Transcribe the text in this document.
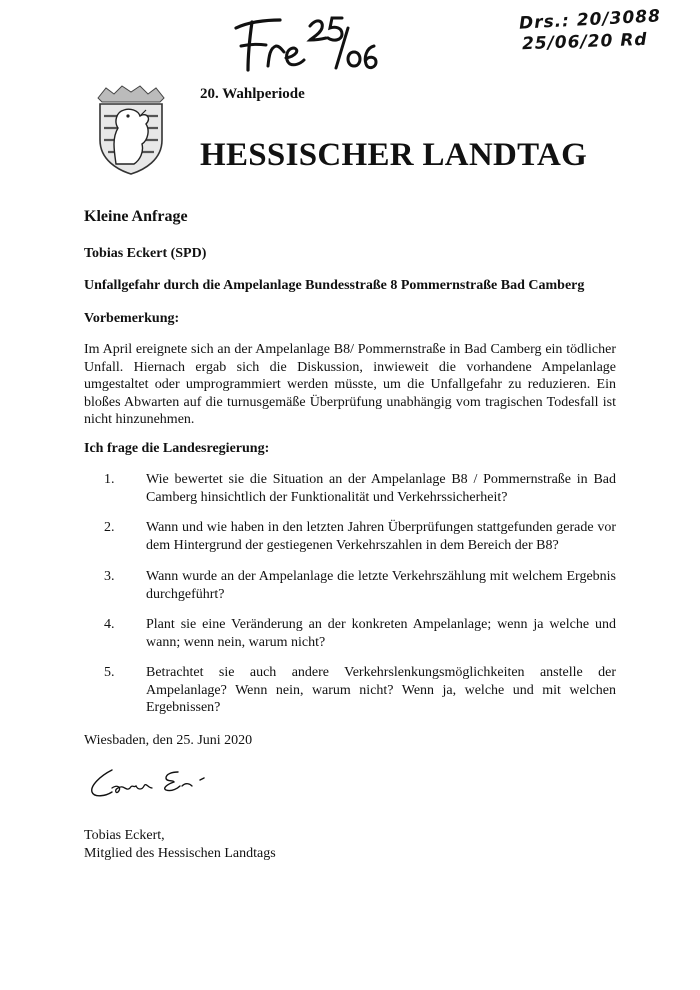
Drs.: 20/3088
25/06/20 Rd
20. Wahlperiode
HESSISCHER LANDTAG
Kleine Anfrage
Tobias Eckert (SPD)
Unfallgefahr durch die Ampelanlage Bundesstraße 8 Pommernstraße Bad Camberg
Vorbemerkung:
Im April ereignete sich an der Ampelanlage B8/ Pommernstraße in Bad Camberg ein tödlicher Unfall. Hiernach ergab sich die Diskussion, inwieweit die vorhandene Ampelanlage umgestaltet oder umprogrammiert werden müsste, um die Unfallgefahr zu reduzieren. Ein bloßes Abwarten auf die turnusgemäße Überprüfung unabhängig vom tragischen Todesfall ist nicht hinzunehmen.
Ich frage die Landesregierung:
1.	Wie bewertet sie die Situation an der Ampelanlage B8 / Pommernstraße in Bad Camberg hinsichtlich der Funktionalität und Verkehrssicherheit?
2.	Wann und wie haben in den letzten Jahren Überprüfungen stattgefunden gerade vor dem Hintergrund der gestiegenen Verkehrszahlen in dem Bereich der B8?
3.	Wann wurde an der Ampelanlage die letzte Verkehrszählung mit welchem Ergebnis durchgeführt?
4.	Plant sie eine Veränderung an der konkreten Ampelanlage; wenn ja welche und wann; wenn nein, warum nicht?
5.	Betrachtet sie auch andere Verkehrslenkungsmöglichkeiten anstelle der Ampelanlage? Wenn nein, warum nicht? Wenn ja, welche und mit welchen Ergebnissen?
Wiesbaden, den 25. Juni 2020
Tobias Eckert,
Mitglied des Hessischen Landtags
